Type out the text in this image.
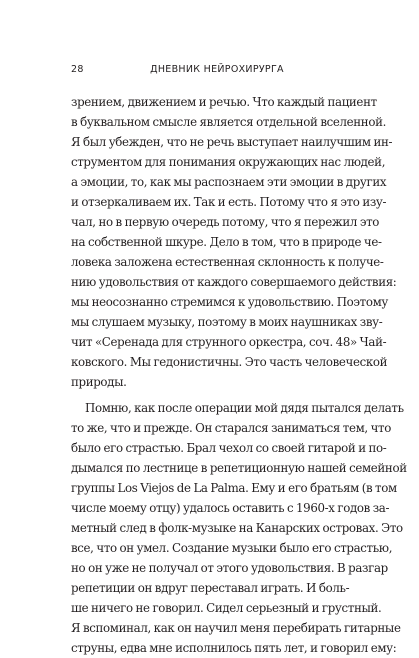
28	ДНЕВНИК НЕЙРОХИРУРГА
зрением, движением и речью. Что каждый пациент
в буквальном смысле является отдельной вселенной.
Я был убежден, что не речь выступает наилучшим ин-
струментом для понимания окружающих нас людей,
а эмоции, то, как мы распознаем эти эмоции в других
и отзеркаливаем их. Так и есть. Потому что я это изу-
чал, но в первую очередь потому, что я пережил это
на собственной шкуре. Дело в том, что в природе че-
ловека заложена естественная склонность к получе-
нию удовольствия от каждого совершаемого действия:
мы неосознанно стремимся к удовольствию. Поэтому
мы слушаем музыку, поэтому в моих наушниках зву-
чит «Серенада для струнного оркестра, соч. 48» Чай-
ковского. Мы гедонистичны. Это часть человеческой
природы.
Помню, как после операции мой дядя пытался делать
то же, что и прежде. Он старался заниматься тем, что
было его страстью. Брал чехол со своей гитарой и по-
дымался по лестнице в репетиционную нашей семейной
группы Los Viejos de La Palma. Ему и его братьям (в том
числе моему отцу) удалось оставить с 1960-х годов за-
метный след в фолк-музыке на Канарских островах. Это
все, что он умел. Создание музыки было его страстью,
но он уже не получал от этого удовольствия. В разгар
репетиции он вдруг переставал играть. И боль-
ше ничего не говорил. Сидел серьезный и грустный.
Я вспоминал, как он научил меня перебирать гитарные
струны, едва мне исполнилось пять лет, и говорил ему:
